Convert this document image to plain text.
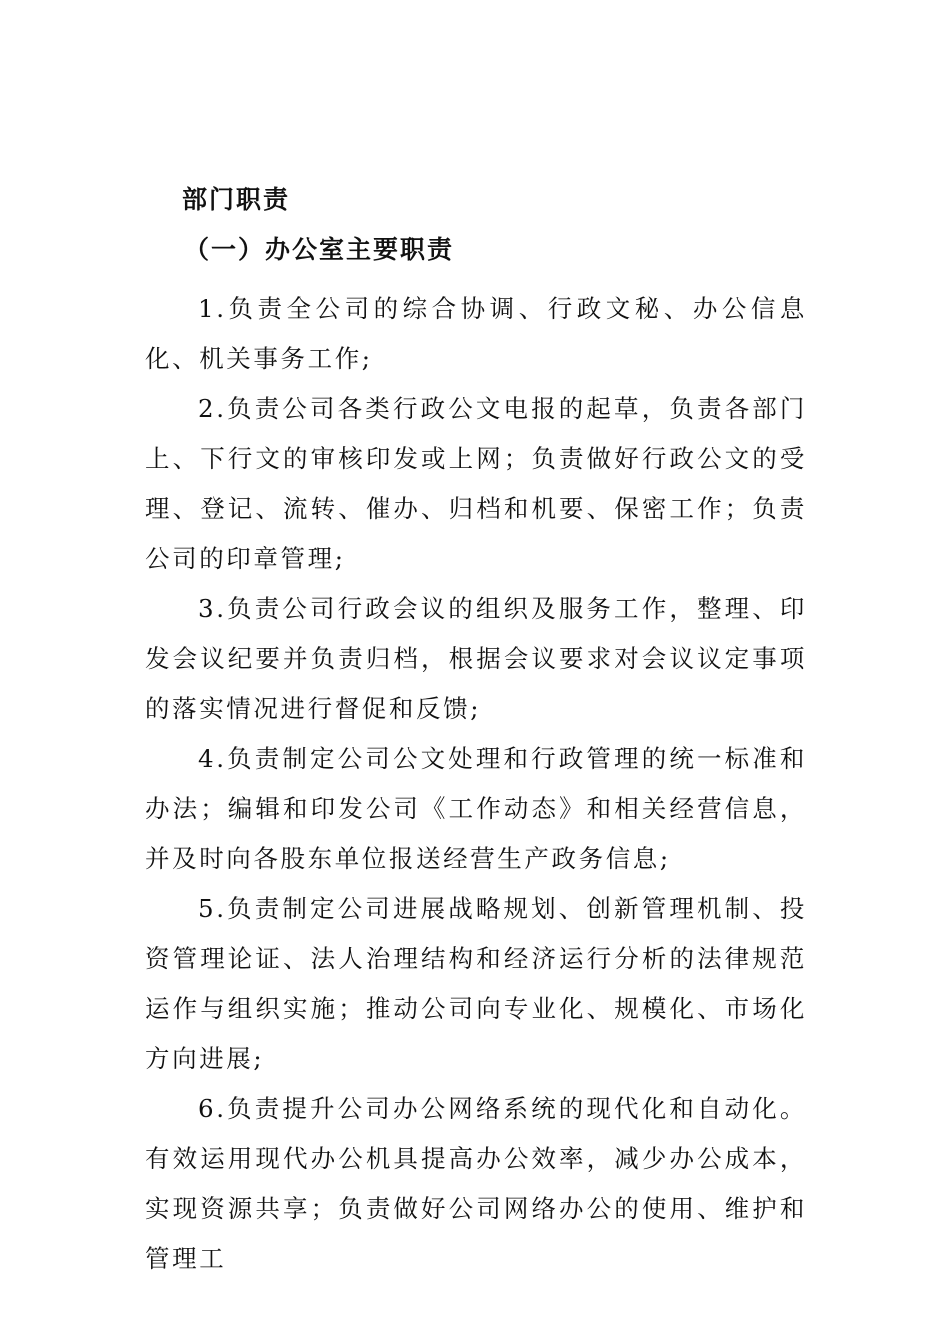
部门职责
（一）办公室主要职责

1.负责全公司的综合协调、行政文秘、办公信息化、机关事务工作;

2.负责公司各类行政公文电报的起草，负责各部门上、下行文的审核印发或上网；负责做好行政公文的受理、登记、流转、催办、归档和机要、保密工作；负责公司的印章管理;

3.负责公司行政会议的组织及服务工作，整理、印发会议纪要并负责归档，根据会议要求对会议议定事项的落实情况进行督促和反馈;

4.负责制定公司公文处理和行政管理的统一标准和办法；编辑和印发公司《工作动态》和相关经营信息，并及时向各股东单位报送经营生产政务信息;

5.负责制定公司进展战略规划、创新管理机制、投资管理论证、法人治理结构和经济运行分析的法律规范运作与组织实施；推动公司向专业化、规模化、市场化方向进展;

6.负责提升公司办公网络系统的现代化和自动化。有效运用现代办公机具提高办公效率，减少办公成本，实现资源共享；负责做好公司网络办公的使用、维护和管理工
